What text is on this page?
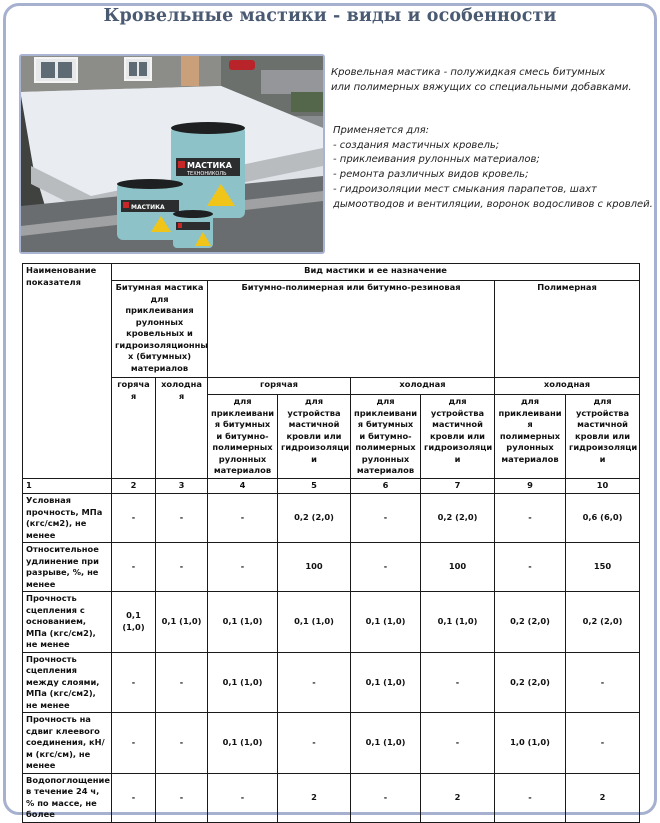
Кровельные мастики - виды и особенности
МАСТИКА
ТЕХНОНИКОЛЬ
МАСТИКА
Кровельная мастика - полужидкая смесь битумных
или полимерных вяжущих со специальными добавками.
Применяется для:
- создания мастичных кровель;
- приклеивания рулонных материалов;
- ремонта различных видов кровель;
- гидроизоляции мест смыкания парапетов, шахт
дымоотводов и вентиляции, воронок водосливов с кровлей.
Наименование показателя	Вид мастики и ее назначение							
	Битумная мастика для приклеивания рулонных кровельных и гидроизоляционны х (битумных) материалов		Битумно-полимерная или битумно-резиновая				Полимерная	
	горяча я	холодна я	горячая		холодная		холодная	
			для приклеивани я битумных и битумно-полимерных рулонных материалов	для устройства мастичной кровли или гидроизоляци и	для приклеивани я битумных и битумно-полимерных рулонных материалов	для устройства мастичной кровли или гидроизоляци и	для приклеивани я полимерных рулонных материалов	для устройства мастичной кровли или гидроизоляци и
1	2	3	4	5	6	7	9	10
Условная прочность, МПа (кгс/см2), не менее	-	-	-	0,2 (2,0)	-	0,2 (2,0)	-	0,6 (6,0)
Относительное удлинение при разрыве, %, не менее	-	-	-	100	-	100	-	150
Прочность сцепления с основанием, МПа (кгс/см2), не менее	0,1 (1,0)	0,1 (1,0)	0,1 (1,0)	0,1 (1,0)	0,1 (1,0)	0,1 (1,0)	0,2 (2,0)	0,2 (2,0)
Прочность сцепления между слоями, МПа (кгс/см2), не менее	-	-	0,1 (1,0)	-	0,1 (1,0)	-	0,2 (2,0)	-
Прочность на сдвиг клеевого соединения, кН/м (кгс/см), не менее	-	-	0,1 (1,0)	-	0,1 (1,0)	-	1,0 (1,0)	-
Водопоглощение в течение 24 ч, % по массе, не более	-	-	-	2	-	2	-	2
